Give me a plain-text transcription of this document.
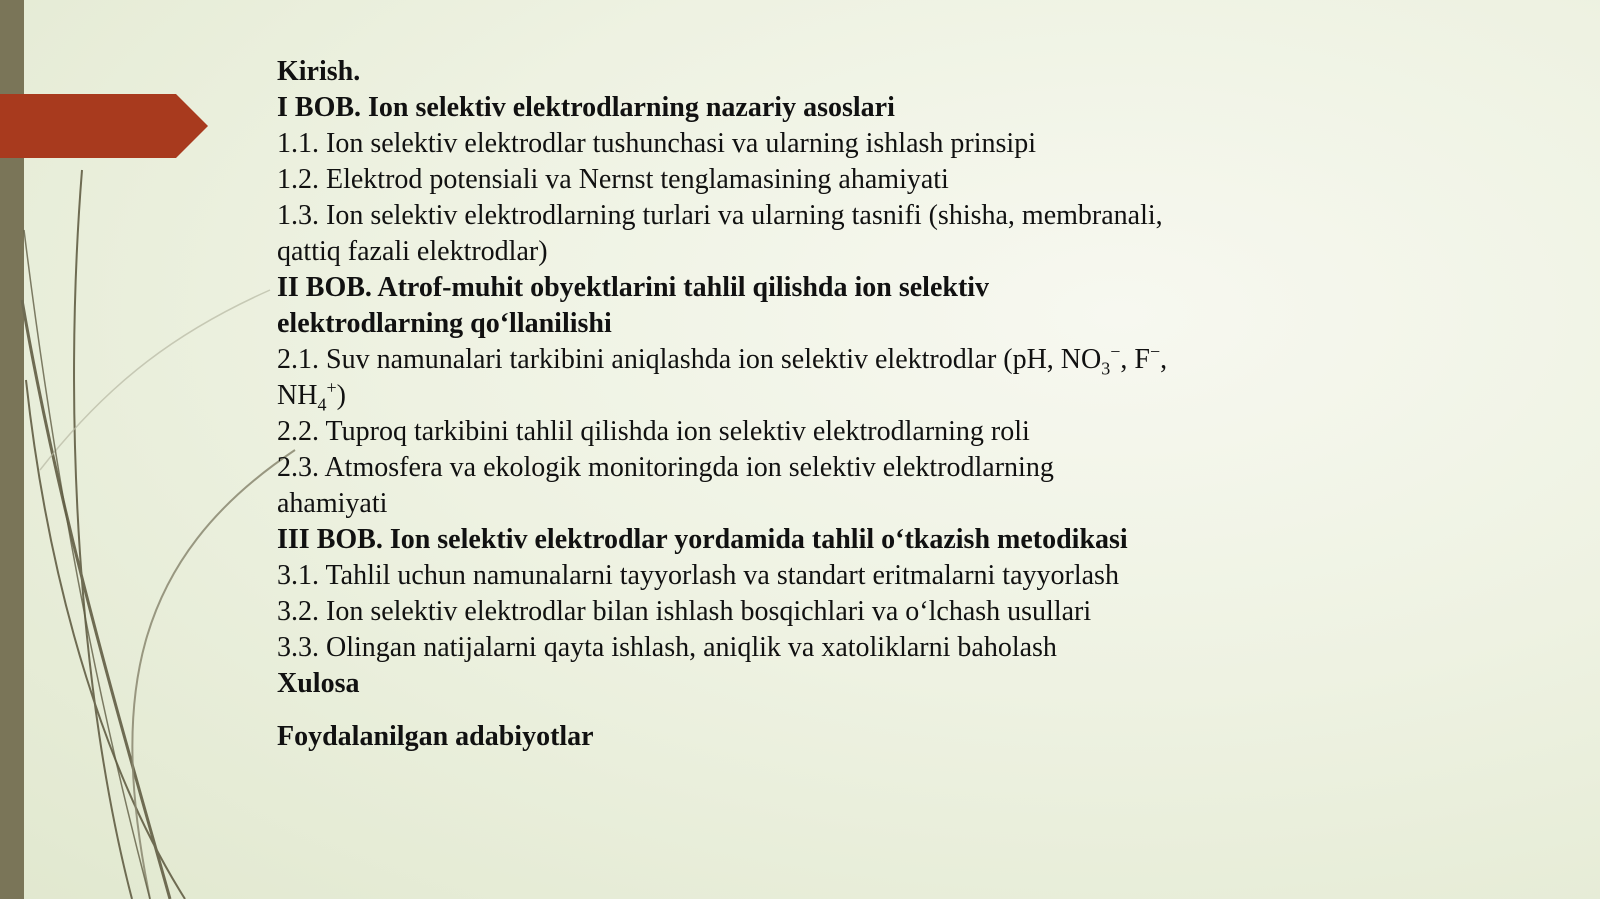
Kirish.
I BOB. Ion selektiv elektrodlarning nazariy asoslari
1.1. Ion selektiv elektrodlar tushunchasi va ularning ishlash prinsipi
1.2. Elektrod potensiali va Nernst tenglamasining ahamiyati
1.3. Ion selektiv elektrodlarning turlari va ularning tasnifi (shisha, membranali,
qattiq fazali elektrodlar)
II BOB. Atrof-muhit obyektlarini tahlil qilishda ion selektiv
elektrodlarning qo‘llanilishi
2.1. Suv namunalari tarkibini aniqlashda ion selektiv elektrodlar (pH, $NO_3^-$, F−,
$NH_4^+$)
2.2. Tuproq tarkibini tahlil qilishda ion selektiv elektrodlarning roli
2.3. Atmosfera va ekologik monitoringda ion selektiv elektrodlarning
ahamiyati
III BOB. Ion selektiv elektrodlar yordamida tahlil o‘tkazish metodikasi
3.1. Tahlil uchun namunalarni tayyorlash va standart eritmalarni tayyorlash
3.2. Ion selektiv elektrodlar bilan ishlash bosqichlari va o‘lchash usullari
3.3. Olingan natijalarni qayta ishlash, aniqlik va xatoliklarni baholash
Xulosa
Foydalanilgan adabiyotlar
